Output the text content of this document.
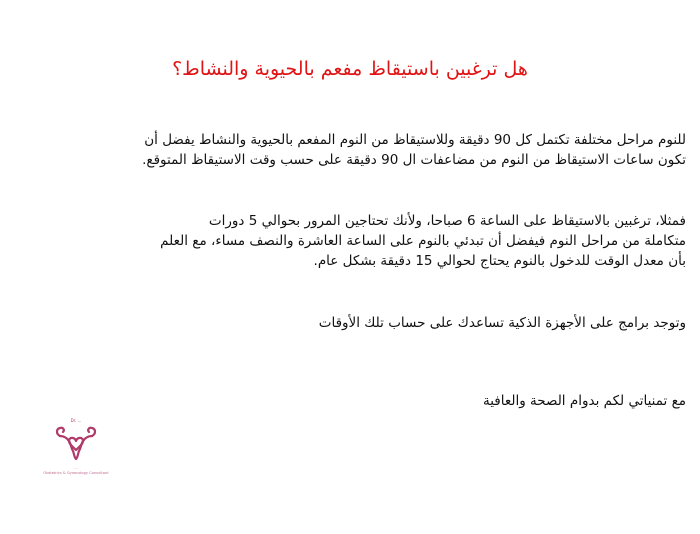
هل ترغبين باستيقاظ مفعم بالحيوية والنشاط؟
للنوم مراحل مختلفة تكتمل كل 90 دقيقة وللاستيقاظ من النوم المفعم بالحيوية والنشاط يفضل أن
تكون ساعات الاستيقاظ من النوم من مضاعفات ال 90 دقيقة على حسب وقت الاستيقاظ المتوقع.
فمثلا، ترغبين بالاستيقاظ على الساعة 6 صباحا، ولأنك تحتاجين المرور بحوالي 5 دورات
متكاملة من مراحل النوم فيفضل أن تبدئي بالنوم على الساعة العاشرة والنصف مساء، مع العلم
بأن معدل الوقت للدخول بالنوم يحتاج لحوالي 15 دقيقة بشكل عام.
وتوجد برامج على الأجهزة الذكية تساعدك على حساب تلك الأوقات
مع تمنياتي لكم بدوام الصحة والعافية
Dr. ...
...
Obstetrics & Gynecology Consultant
